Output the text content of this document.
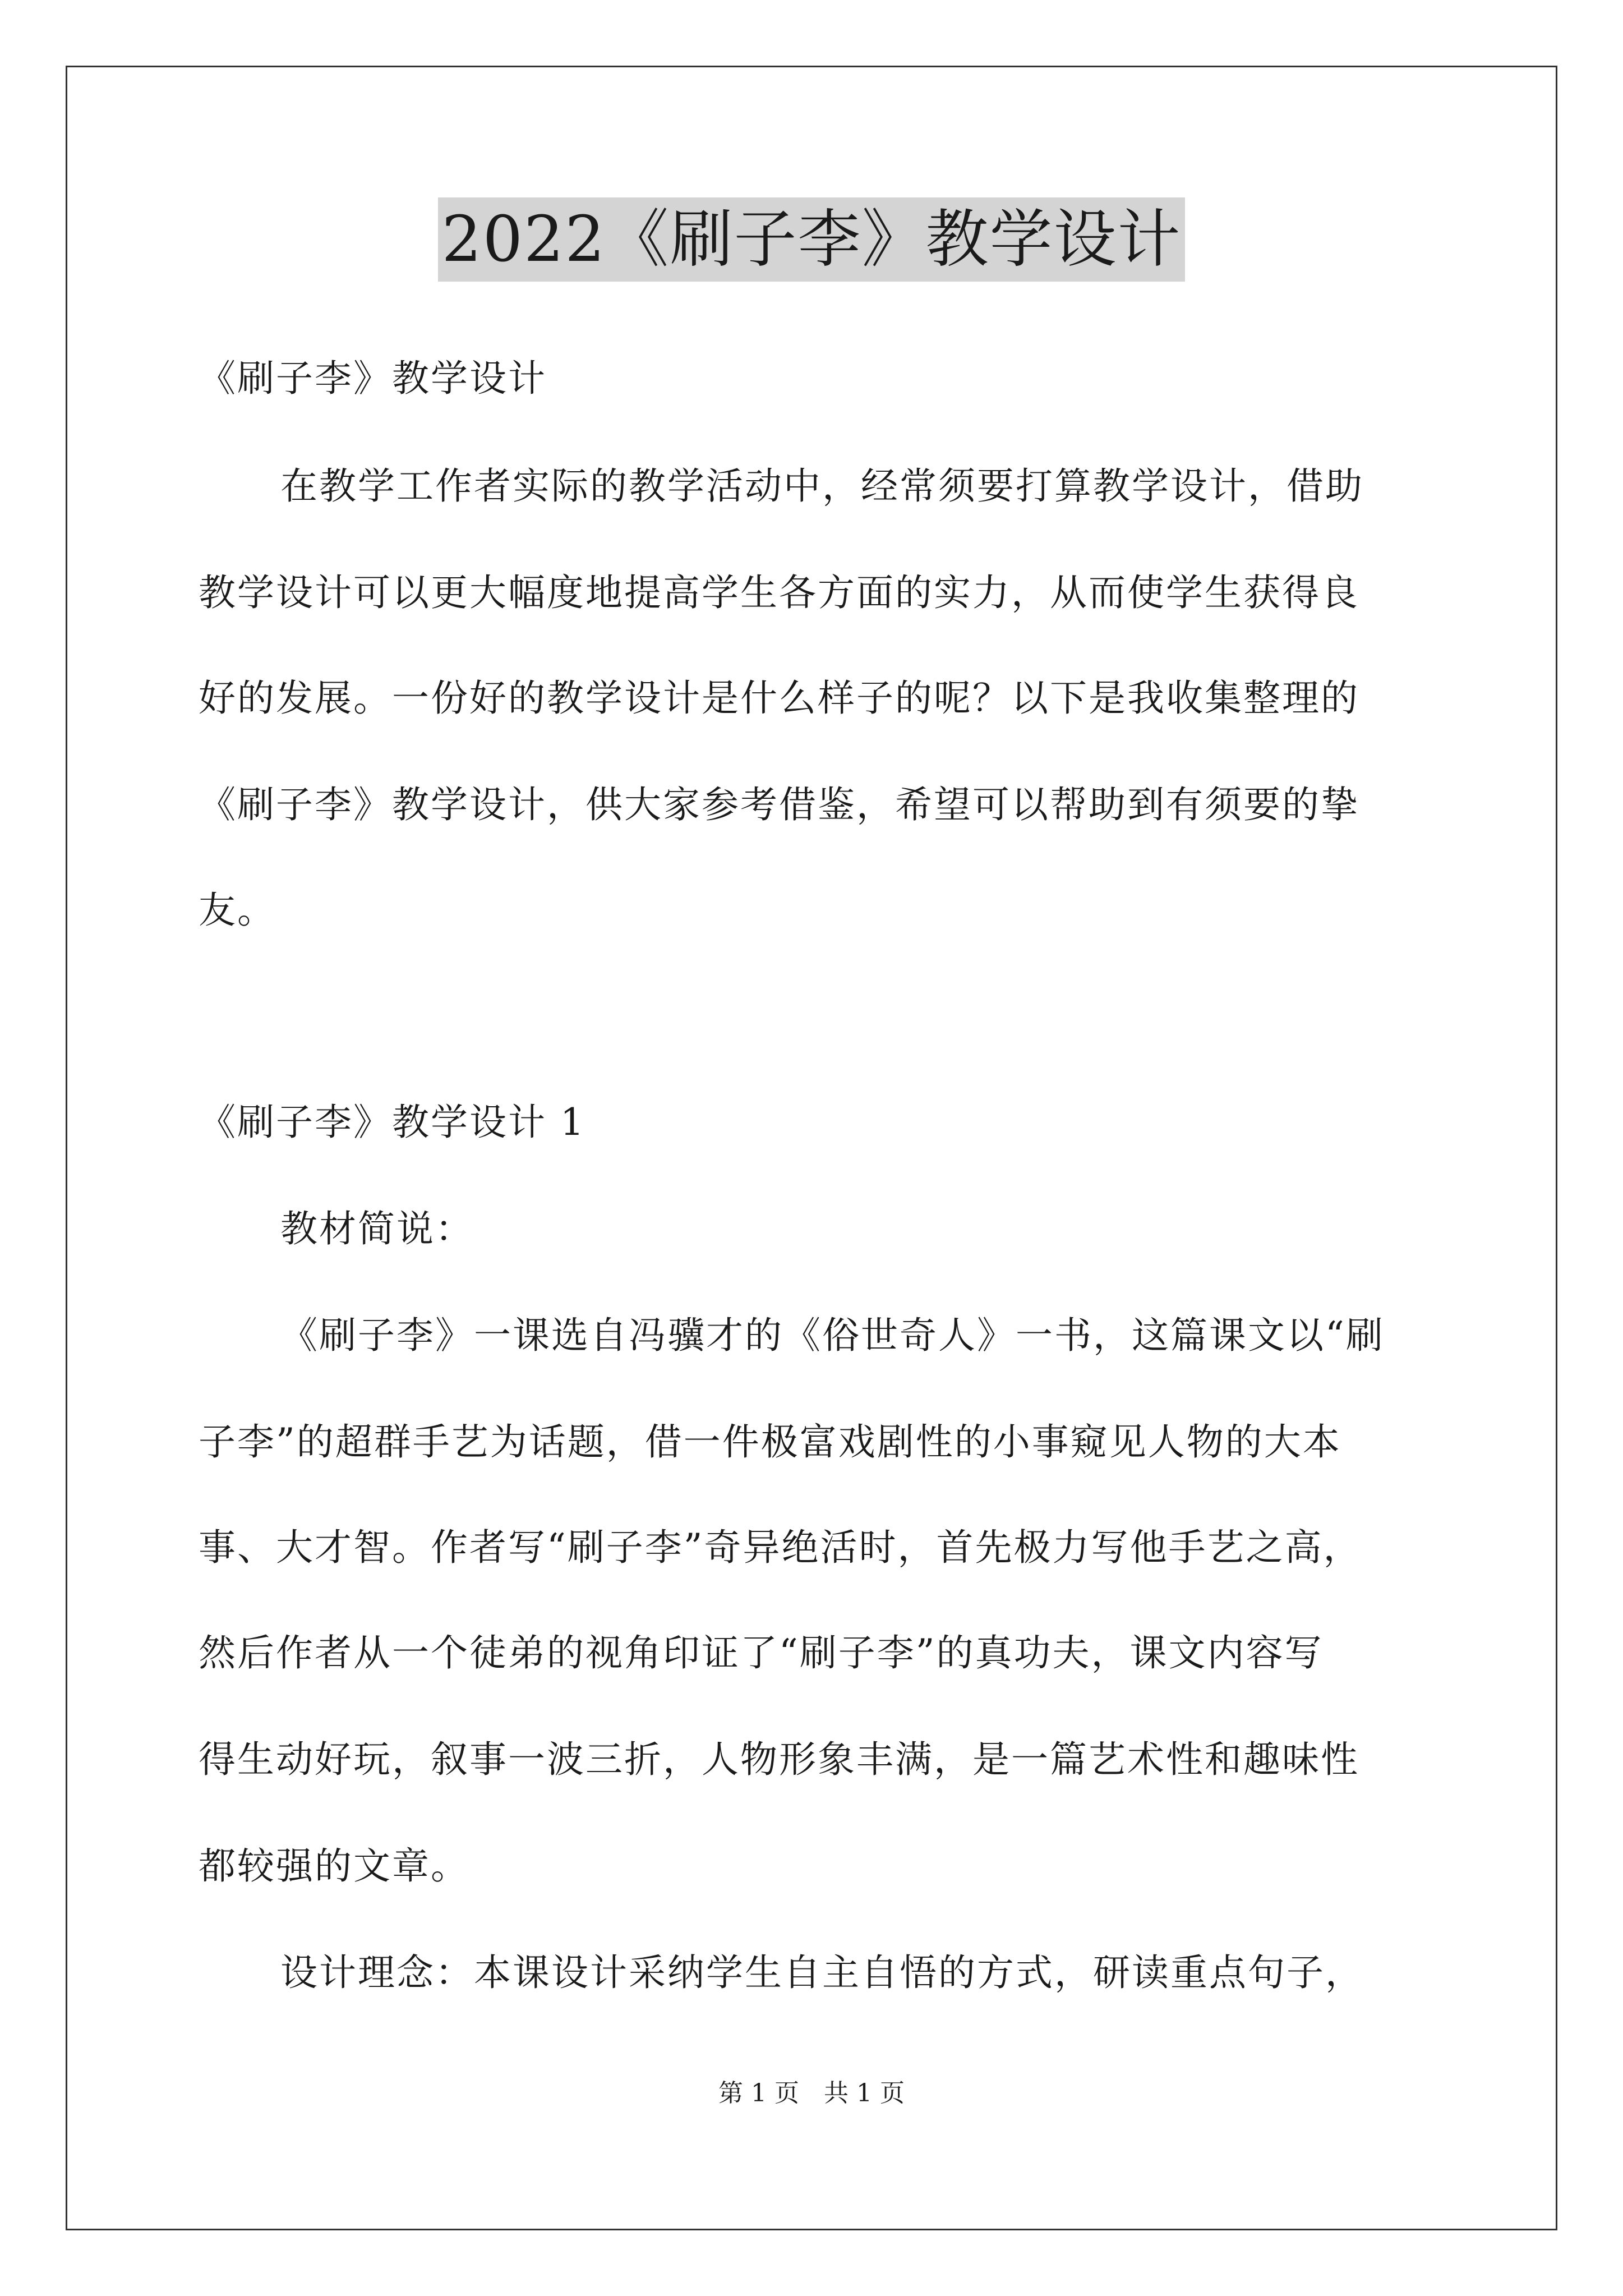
2022《刷子李》教学设计
《刷子李》教学设计
在教学工作者实际的教学活动中，经常须要打算教学设计，借助
教学设计可以更大幅度地提高学生各方面的实力，从而使学生获得良
好的发展。一份好的教学设计是什么样子的呢？以下是我收集整理的
《刷子李》教学设计，供大家参考借鉴，希望可以帮助到有须要的挚
友。
《刷子李》教学设计 1
教材简说：
《刷子李》一课选自冯骥才的《俗世奇人》一书，这篇课文以“刷
子李”的超群手艺为话题，借一件极富戏剧性的小事窥见人物的大本
事、大才智。作者写“刷子李”奇异绝活时，首先极力写他手艺之高，
然后作者从一个徒弟的视角印证了“刷子李”的真功夫，课文内容写
得生动好玩，叙事一波三折，人物形象丰满，是一篇艺术性和趣味性
都较强的文章。
设计理念：本课设计采纳学生自主自悟的方式，研读重点句子，
第 1 页　共 1 页
